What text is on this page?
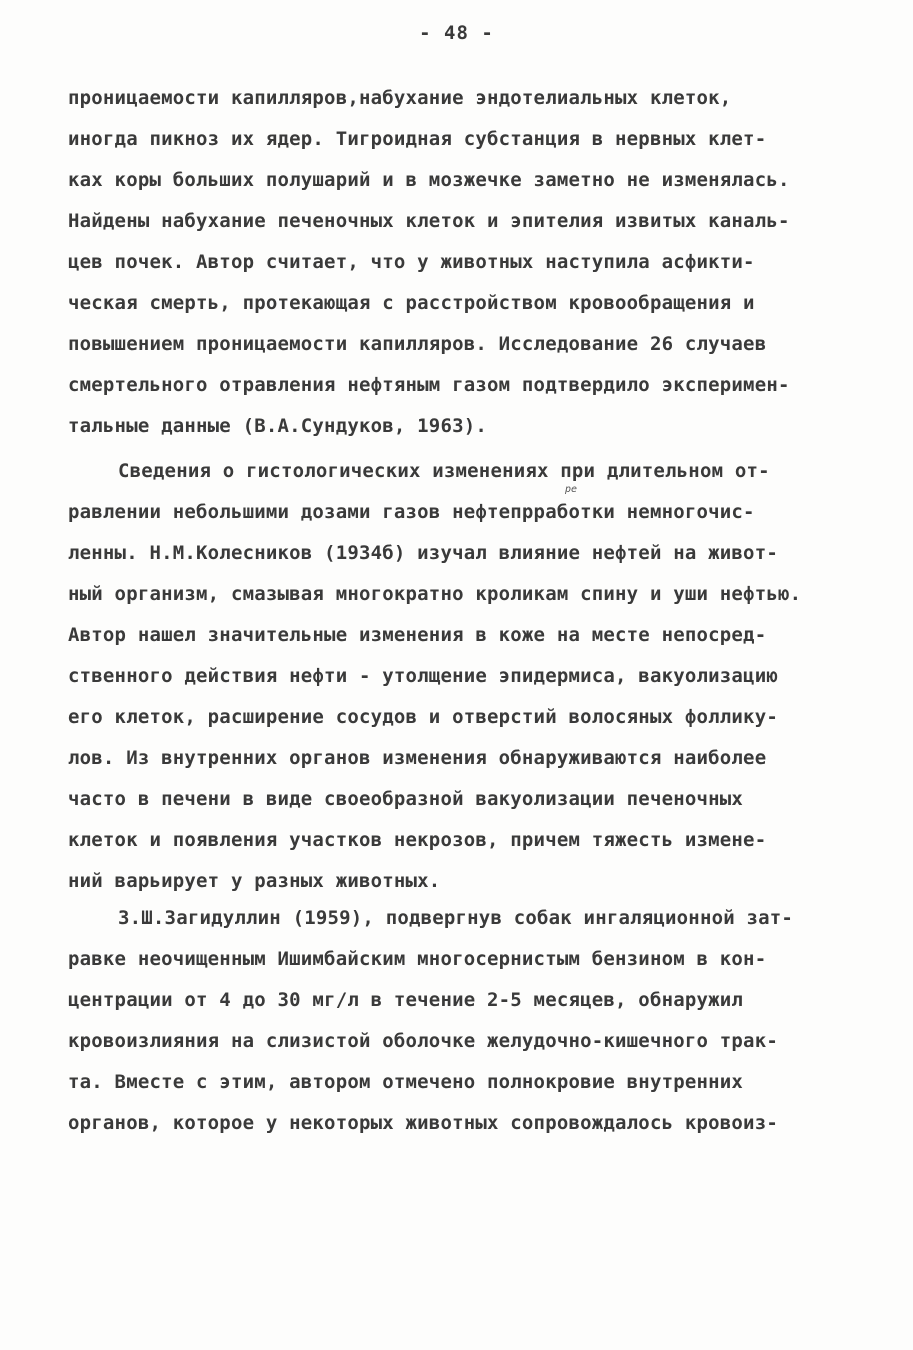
- 48 -
ре
проницаемости капилляров,набухание эндотелиальных клеток,
иногда пикноз их ядер. Тигроидная субстанция в нервных клет-
ках коры больших полушарий и в мозжечке заметно не изменялась.
Найдены набухание печеночных клеток и эпителия извитых каналь-
цев почек. Автор считает, что у животных наступила асфикти-
ческая смерть, протекающая с расстройством кровообращения и
повышением проницаемости капилляров. Исследование 26 случаев
смертельного отравления нефтяным газом подтвердило эксперимен-
тальные данные (В.А.Сундуков, 1963).
Сведения о гистологических изменениях при длительном от-
равлении небольшими дозами газов нефтепрработки немногочис-
ленны. Н.М.Колесников (1934б) изучал влияние нефтей на живот-
ный организм, смазывая многократно кроликам спину и уши нефтью.
Автор нашел значительные изменения в коже на месте непосред-
ственного действия нефти - утолщение эпидермиса, вакуолизацию
его клеток, расширение сосудов и отверстий волосяных фоллику-
лов. Из внутренних органов изменения обнаруживаются наиболее
часто в печени в виде своеобразной вакуолизации печеночных
клеток и появления участков некрозов, причем тяжесть измене-
ний варьирует у разных животных.
З.Ш.Загидуллин (1959), подвергнув собак ингаляционной зат-
равке неочищенным Ишимбайским многосернистым бензином в кон-
центрации от 4 до 30 мг/л в течение 2-5 месяцев, обнаружил
кровоизлияния на слизистой оболочке желудочно-кишечного трак-
та. Вместе с этим, автором отмечено полнокровие внутренних
органов, которое у некоторых животных сопровождалось кровоиз-
